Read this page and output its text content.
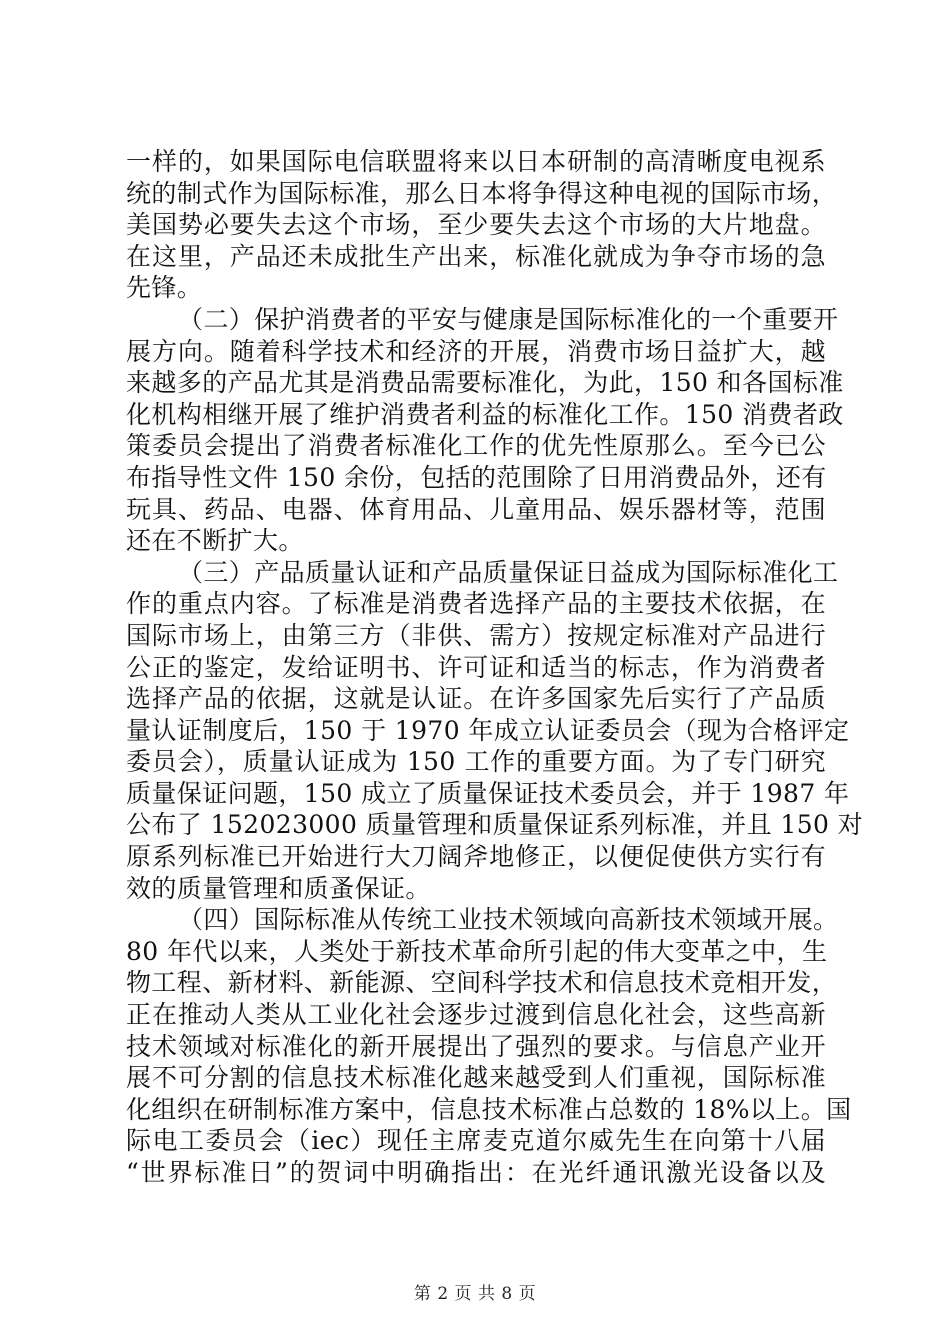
一样的，如果国际电信联盟将来以日本研制的高清晰度电视系
统的制式作为国际标准，那么日本将争得这种电视的国际市场，
美国势必要失去这个市场，至少要失去这个市场的大片地盘。
在这里，产品还未成批生产出来，标准化就成为争夺市场的急
先锋。
（二）保护消费者的平安与健康是国际标准化的一个重要开
展方向。随着科学技术和经济的开展，消费市场日益扩大，越
来越多的产品尤其是消费品需要标准化，为此，150 和各国标准
化机构相继开展了维护消费者利益的标准化工作。150 消费者政
策委员会提出了消费者标准化工作的优先性原那么。至今已公
布指导性文件 150 余份，包括的范围除了日用消费品外，还有
玩具、药品、电器、体育用品、儿童用品、娱乐器材等，范围
还在不断扩大。
（三）产品质量认证和产品质量保证日益成为国际标准化工
作的重点内容。了标准是消费者选择产品的主要技术依据，在
国际市场上，由第三方（非供、需方）按规定标准对产品进行
公正的鉴定，发给证明书、许可证和适当的标志，作为消费者
选择产品的依据，这就是认证。在许多国家先后实行了产品质
量认证制度后，150 于 1970 年成立认证委员会（现为合格评定
委员会），质量认证成为 150 工作的重要方面。为了专门研究
质量保证问题，150 成立了质量保证技术委员会，并于 1987 年
公布了 152023000 质量管理和质量保证系列标准，并且 150 对
原系列标准已开始进行大刀阔斧地修正，以便促使供方实行有
效的质量管理和质蚤保证。
（四）国际标准从传统工业技术领域向高新技术领域开展。
80 年代以来，人类处于新技术革命所引起的伟大变革之中，生
物工程、新材料、新能源、空间科学技术和信息技术竞相开发，
正在推动人类从工业化社会逐步过渡到信息化社会，这些高新
技术领域对标准化的新开展提出了强烈的要求。与信息产业开
展不可分割的信息技术标准化越来越受到人们重视，国际标准
化组织在研制标准方案中，信息技术标准占总数的 18%以上。国
际电工委员会（iec）现任主席麦克道尔威先生在向第十八届
“世界标准日”的贺词中明确指出：在光纤通讯激光设备以及
第 2 页 共 8 页
